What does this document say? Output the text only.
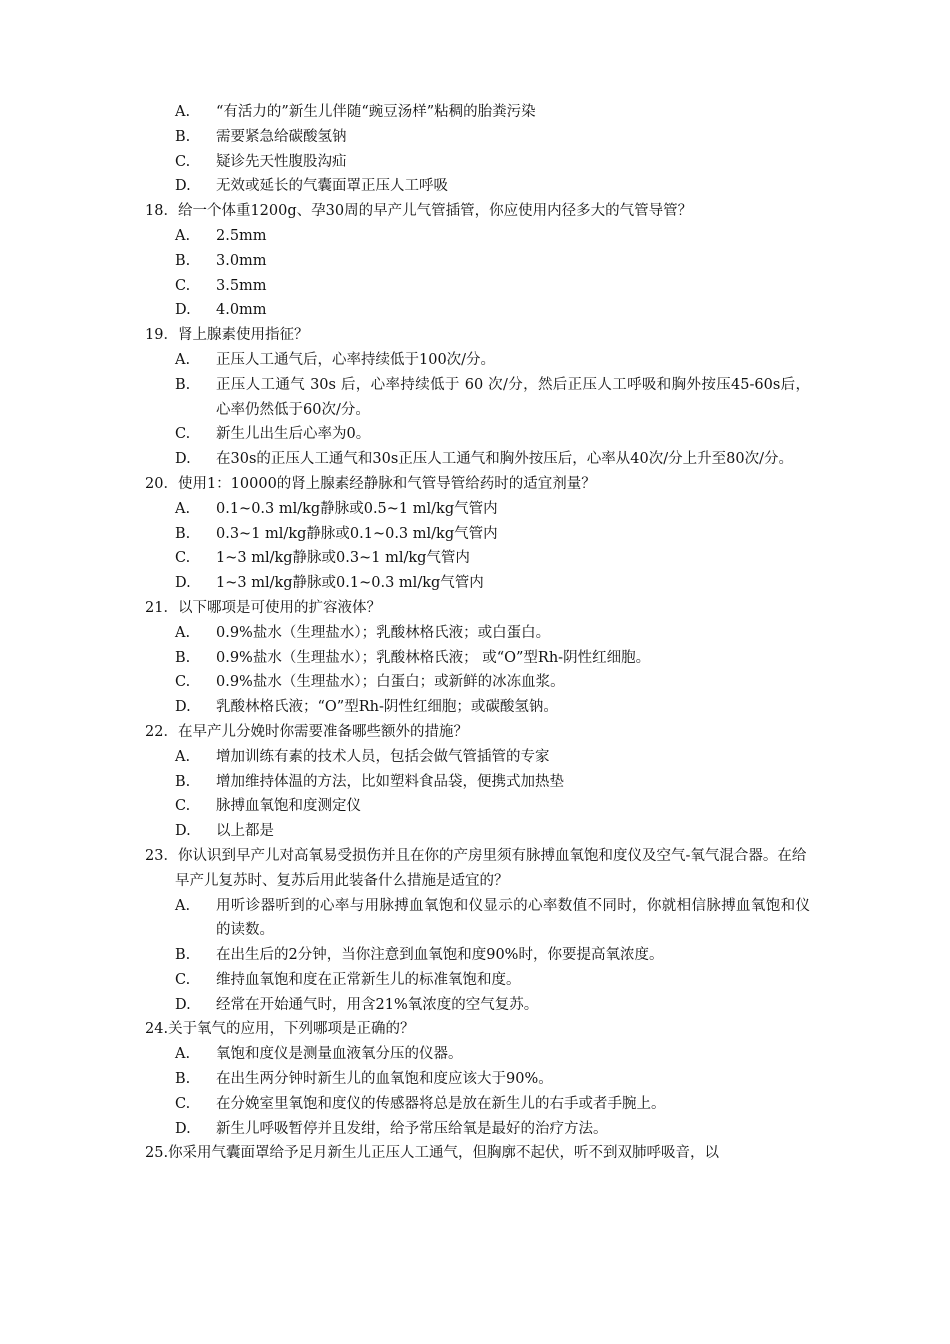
A.	“有活力的”新生儿伴随“豌豆汤样”粘稠的胎粪污染
B.	需要紧急给碳酸氢钠
C.	疑诊先天性腹股沟疝
D.	无效或延长的气囊面罩正压人工呼吸

18．给一个体重1200g、孕30周的早产儿气管插管，你应使用内径多大的气管导管？

A.	2.5mm
B.	3.0mm
C.	3.5mm
D.	4.0mm

19．肾上腺素使用指征？

A.	正压人工通气后，心率持续低于100次/分。
B.	正压人工通气 30s 后，心率持续低于 60 次/分，然后正压人工呼吸和胸外按压45-60s后，心率仍然低于60次/分。
C.	新生儿出生后心率为0。
D.	在30s的正压人工通气和30s正压人工通气和胸外按压后，心率从40次/分上升至80次/分。

20．使用1：10000的肾上腺素经静脉和气管导管给药时的适宜剂量？

A.	0.1~0.3 ml/kg静脉或0.5~1 ml/kg气管内
B.	0.3~1 ml/kg静脉或0.1~0.3 ml/kg气管内
C.	1~3 ml/kg静脉或0.3~1 ml/kg气管内
D.	1~3 ml/kg静脉或0.1~0.3 ml/kg气管内

21．以下哪项是可使用的扩容液体？

A.	0.9%盐水（生理盐水）；乳酸林格氏液；或白蛋白。
B.	0.9%盐水（生理盐水）；乳酸林格氏液； 或“O”型Rh-阴性红细胞。
C.	0.9%盐水（生理盐水）；白蛋白；或新鲜的冰冻血浆。
D.	乳酸林格氏液；“O”型Rh-阴性红细胞；或碳酸氢钠。

22．在早产儿分娩时你需要准备哪些额外的措施？

A.	增加训练有素的技术人员，包括会做气管插管的专家
B.	增加维持体温的方法，比如塑料食品袋，便携式加热垫
C.	脉搏血氧饱和度测定仪
D.	以上都是

23．你认识到早产儿对高氧易受损伤并且在你的产房里须有脉搏血氧饱和度仪及空气-氧气混合器。在给早产儿复苏时、复苏后用此装备什么措施是适宜的？

A.	用听诊器听到的心率与用脉搏血氧饱和仪显示的心率数值不同时，你就相信脉搏血氧饱和仪的读数。
B.	在出生后的2分钟，当你注意到血氧饱和度90%时，你要提高氧浓度。
C.	维持血氧饱和度在正常新生儿的标准氧饱和度。
D.	经常在开始通气时，用含21%氧浓度的空气复苏。

24.关于氧气的应用，下列哪项是正确的？

A.	氧饱和度仪是测量血液氧分压的仪器。
B.	在出生两分钟时新生儿的血氧饱和度应该大于90%。
C.	在分娩室里氧饱和度仪的传感器将总是放在新生儿的右手或者手腕上。
D.	新生儿呼吸暂停并且发绀，给予常压给氧是最好的治疗方法。

25.你采用气囊面罩给予足月新生儿正压人工通气，但胸廓不起伏，听不到双肺呼吸音，以
